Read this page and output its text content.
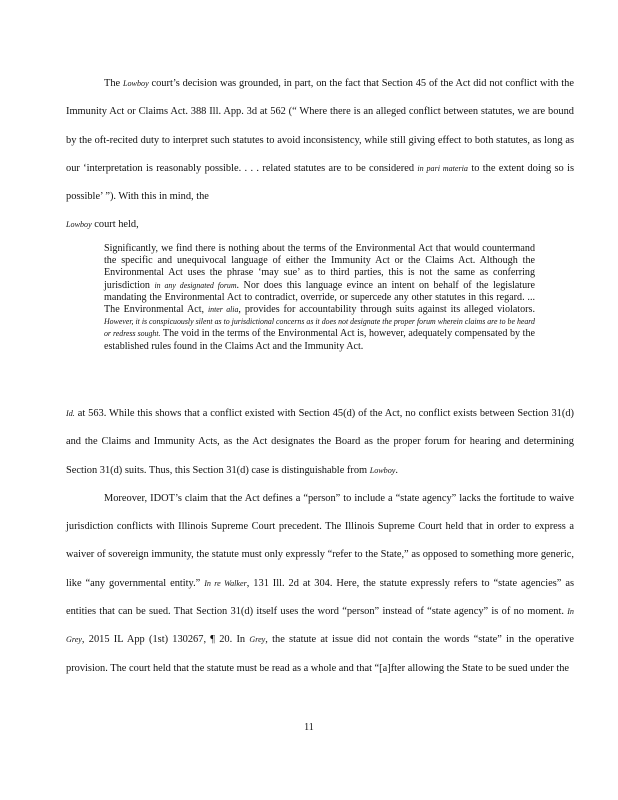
The Lowboy court’s decision was grounded, in part, on the fact that Section 45 of the Act did not conflict with the Immunity Act or Claims Act. 388 Ill. App. 3d at 562 (“ Where there is an alleged conflict between statutes, we are bound by the oft-recited duty to interpret such statutes to avoid inconsistency, while still giving effect to both statutes, as long as our ‘interpretation is reasonably possible. . . . related statutes are to be considered in pari materia to the extent doing so is possible’ ”). With this in mind, the
Lowboy court held,

Significantly, we find there is nothing about the terms of the Environmental Act that would countermand the specific and unequivocal language of either the Immunity Act or the Claims Act. Although the Environmental Act uses the phrase ‘may sue’ as to third parties, this is not the same as conferring jurisdiction in any designated forum. Nor does this language evince an intent on behalf of the legislature mandating the Environmental Act to contradict, override, or supercede any other statutes in this regard. ... The Environmental Act, inter alia, provides for accountability through suits against its alleged violators. However, it is conspicuously silent as to jurisdictional concerns as it does not designate the proper forum wherein claims are to be heard or redress sought. The void in the terms of the Environmental Act is, however, adequately compensated by the established rules found in the Claims Act and the Immunity Act.

Id. at 563. While this shows that a conflict existed with Section 45(d) of the Act, no conflict exists between Section 31(d) and the Claims and Immunity Acts, as the Act designates the Board as the proper forum for hearing and determining Section 31(d) suits. Thus, this Section 31(d) case is distinguishable from Lowboy.

Moreover, IDOT’s claim that the Act defines a “person” to include a “state agency” lacks the fortitude to waive jurisdiction conflicts with Illinois Supreme Court precedent. The Illinois Supreme Court held that in order to express a waiver of sovereign immunity, the statute must only expressly “refer to the State,” as opposed to something more generic, like “any governmental entity.” In re Walker, 131 Ill. 2d at 304. Here, the statute expressly refers to “state agencies” as entities that can be sued. That Section 31(d) itself uses the word “person” instead of “state agency” is of no moment. In Grey, 2015 IL App (1st) 130267, ¶ 20. In Grey, the statute at issue did not contain the words “state” in the operative provision. The court held that the statute must be read as a whole and that “[a]fter allowing the State to be sued under the

11
